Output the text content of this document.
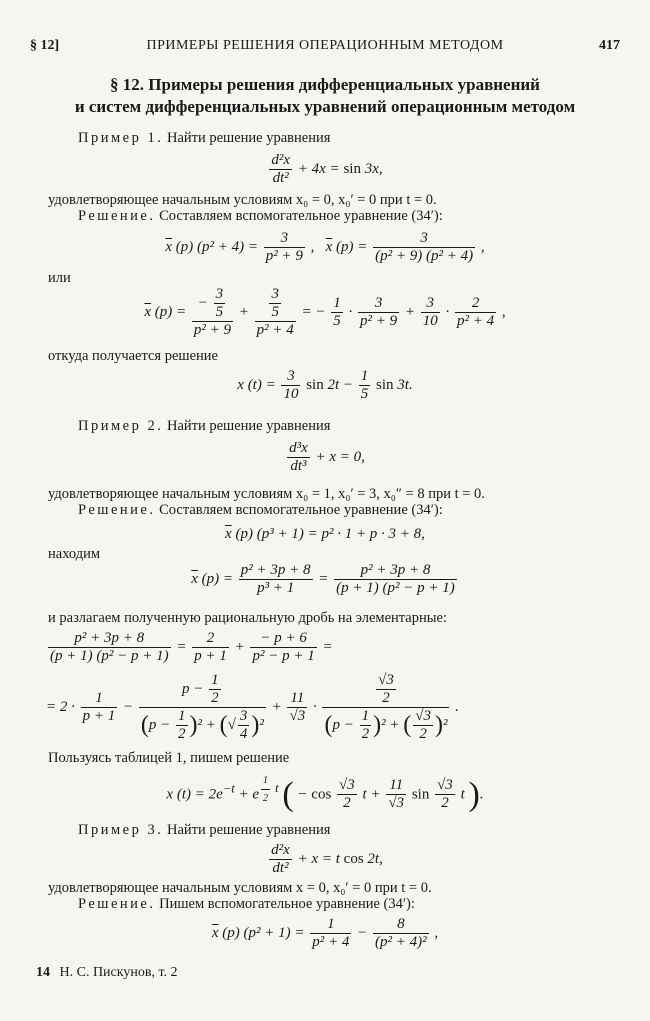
§ 12]	ПРИМЕРЫ РЕШЕНИЯ ОПЕРАЦИОННЫМ МЕТОДОМ	417
§ 12. Примеры решения дифференциальных уравнений
и систем дифференциальных уравнений операционным методом
Пример 1. Найти решение уравнения
$\frac{\text{d²x}}{\text{dt²}} + 4x = \sin 3x$,
удовлетворяющее начальным условиям x₀ = 0, x₀′ = 0 при t = 0.
Решение. Составляем вспомогательное уравнение (34′):
$\overline{x}$ (p) $(p^2 + 4) = \frac{3}{\text{p² + 9}}$ ,   $\overline{x}$ $(p) = \frac{3}{\text{(p² + 9) (p² + 4)}}$ ,
или
$\overline{x}$ $(p) = \frac{- \frac{3}{5}}{\text{p² + 9}} + \frac{\frac{3}{5}}{\text{p² + 4}}$ = − $\frac{1}{5} \cdot \frac{3}{\text{p² + 9}} + \frac{3}{10} \cdot \frac{2}{\text{p² + 4}}$ ,
откуда получается решение
x $(t) = \frac{3}{10}$ $\sin 2t - \frac{1}{5}$ sin 3t.
Пример 2. Найти решение уравнения
$\frac{\text{d³x}}{\text{dt³}} + x = 0$,
удовлетворяющее начальным условиям x₀ = 1, x₀′ = 3, x₀″ = 8 при t = 0.
Решение. Составляем вспомогательное уравнение (34′):
$\overline{x}$ (p) (p³ + 1) = p² · 1 + p · 3 + 8,
находим
$\overline{x}$ $(p) = \frac{\text{p² + 3p + 8}}{\text{p³ + 1}} = \frac{\text{p² + 3p + 8}}{\text{(p + 1) (p² − p + 1)}}$
и разлагаем полученную рациональную дробь на элементарные:
$\frac{\text{p² + 3p + 8}}{\text{(p + 1) (p² − p + 1)}} = \frac{2}{p + 1} + \frac{- p + 6}{\text{p² − p + 1}}$ =
= $2 \cdot \frac{1}{p + 1} - \frac{p - \frac{1}{2}}{(p - \frac{1}{2} )^2 + (√ \frac{3}{4} )^2} + \frac{11}{√3} \cdot \frac{\frac{√3}{2}}{(p - \frac{1}{2} )^2 + ( \frac{√3}{2} )^2}$ .
Пользуясь таблицей 1, пишем решение
x $(t) = 2e^{-t} + e$ $^{\frac{1}{2} t}$ ( − $\cos \frac{√3}{2}$ $t + \frac{11}{√3}$ $\sin \frac{√3}{2}$ t ).
Пример 3. Найти решение уравнения
$\frac{\text{d²x}}{\text{dt²}} + x = t$ cos 2t,
удовлетворяющее начальным условиям x = 0, x₀′ = 0 при t = 0.
Решение. Пишем вспомогательное уравнение (34′):
$\overline{x}$ (p) $(p^2 + 1) = \frac{1}{\text{p² + 4}} - \frac{8}{\text{(p² + 4)²}}$ ,
14 Н. С. Пискунов, т. 2
